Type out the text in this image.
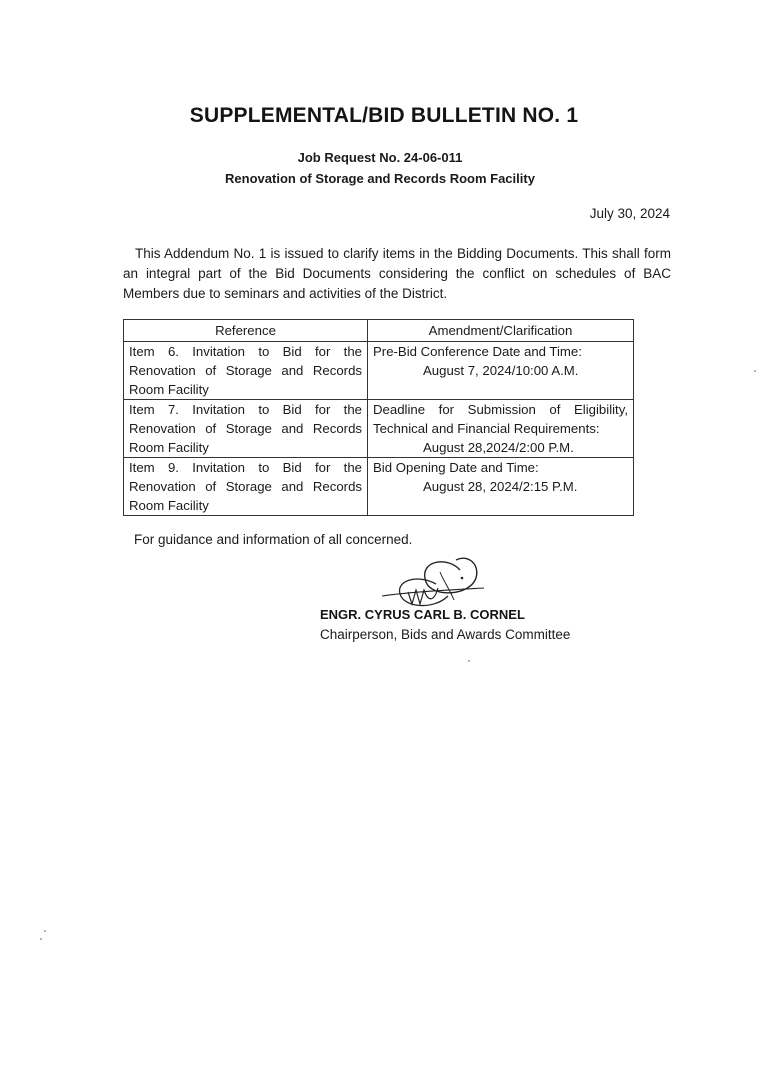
SUPPLEMENTAL/BID BULLETIN NO. 1
Job Request No. 24-06-011
Renovation of Storage and Records Room Facility
July 30, 2024
This Addendum No. 1 is issued to clarify items in the Bidding Documents. This shall form an integral part of the Bid Documents considering the conflict on schedules of BAC Members due to seminars and activities of the District.
Reference	Amendment/Clarification
Item 6. Invitation to Bid for the Renovation of Storage and Records Room Facility	Pre-Bid Conference Date and Time:
August 7, 2024/10:00 A.M.

Item 7. Invitation to Bid for the Renovation of Storage and Records Room Facility	Deadline for Submission of Eligibility, Technical and Financial Requirements:
August 28,2024/2:00 P.M.

Item 9. Invitation to Bid for the Renovation of Storage and Records Room Facility	Bid Opening Date and Time:
August 28, 2024/2:15 P.M.
For guidance and information of all concerned.
ENGR. CYRUS CARL B. CORNEL
Chairperson, Bids and Awards Committee
